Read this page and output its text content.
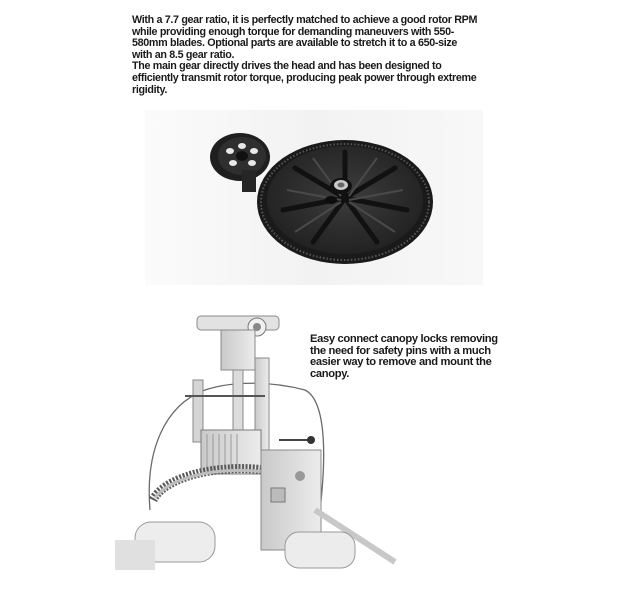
With a 7.7 gear ratio, it is perfectly matched to achieve a good rotor RPM while providing enough torque for demanding maneuvers with 550-580mm blades. Optional parts are available to stretch it to a 650-size with an 8.5 gear ratio.

The main gear directly drives the head and has been designed to efficiently transmit rotor torque, producing peak power through extreme rigidity.

Easy connect canopy locks removing the need for safety pins with a much easier way to remove and mount the canopy.
